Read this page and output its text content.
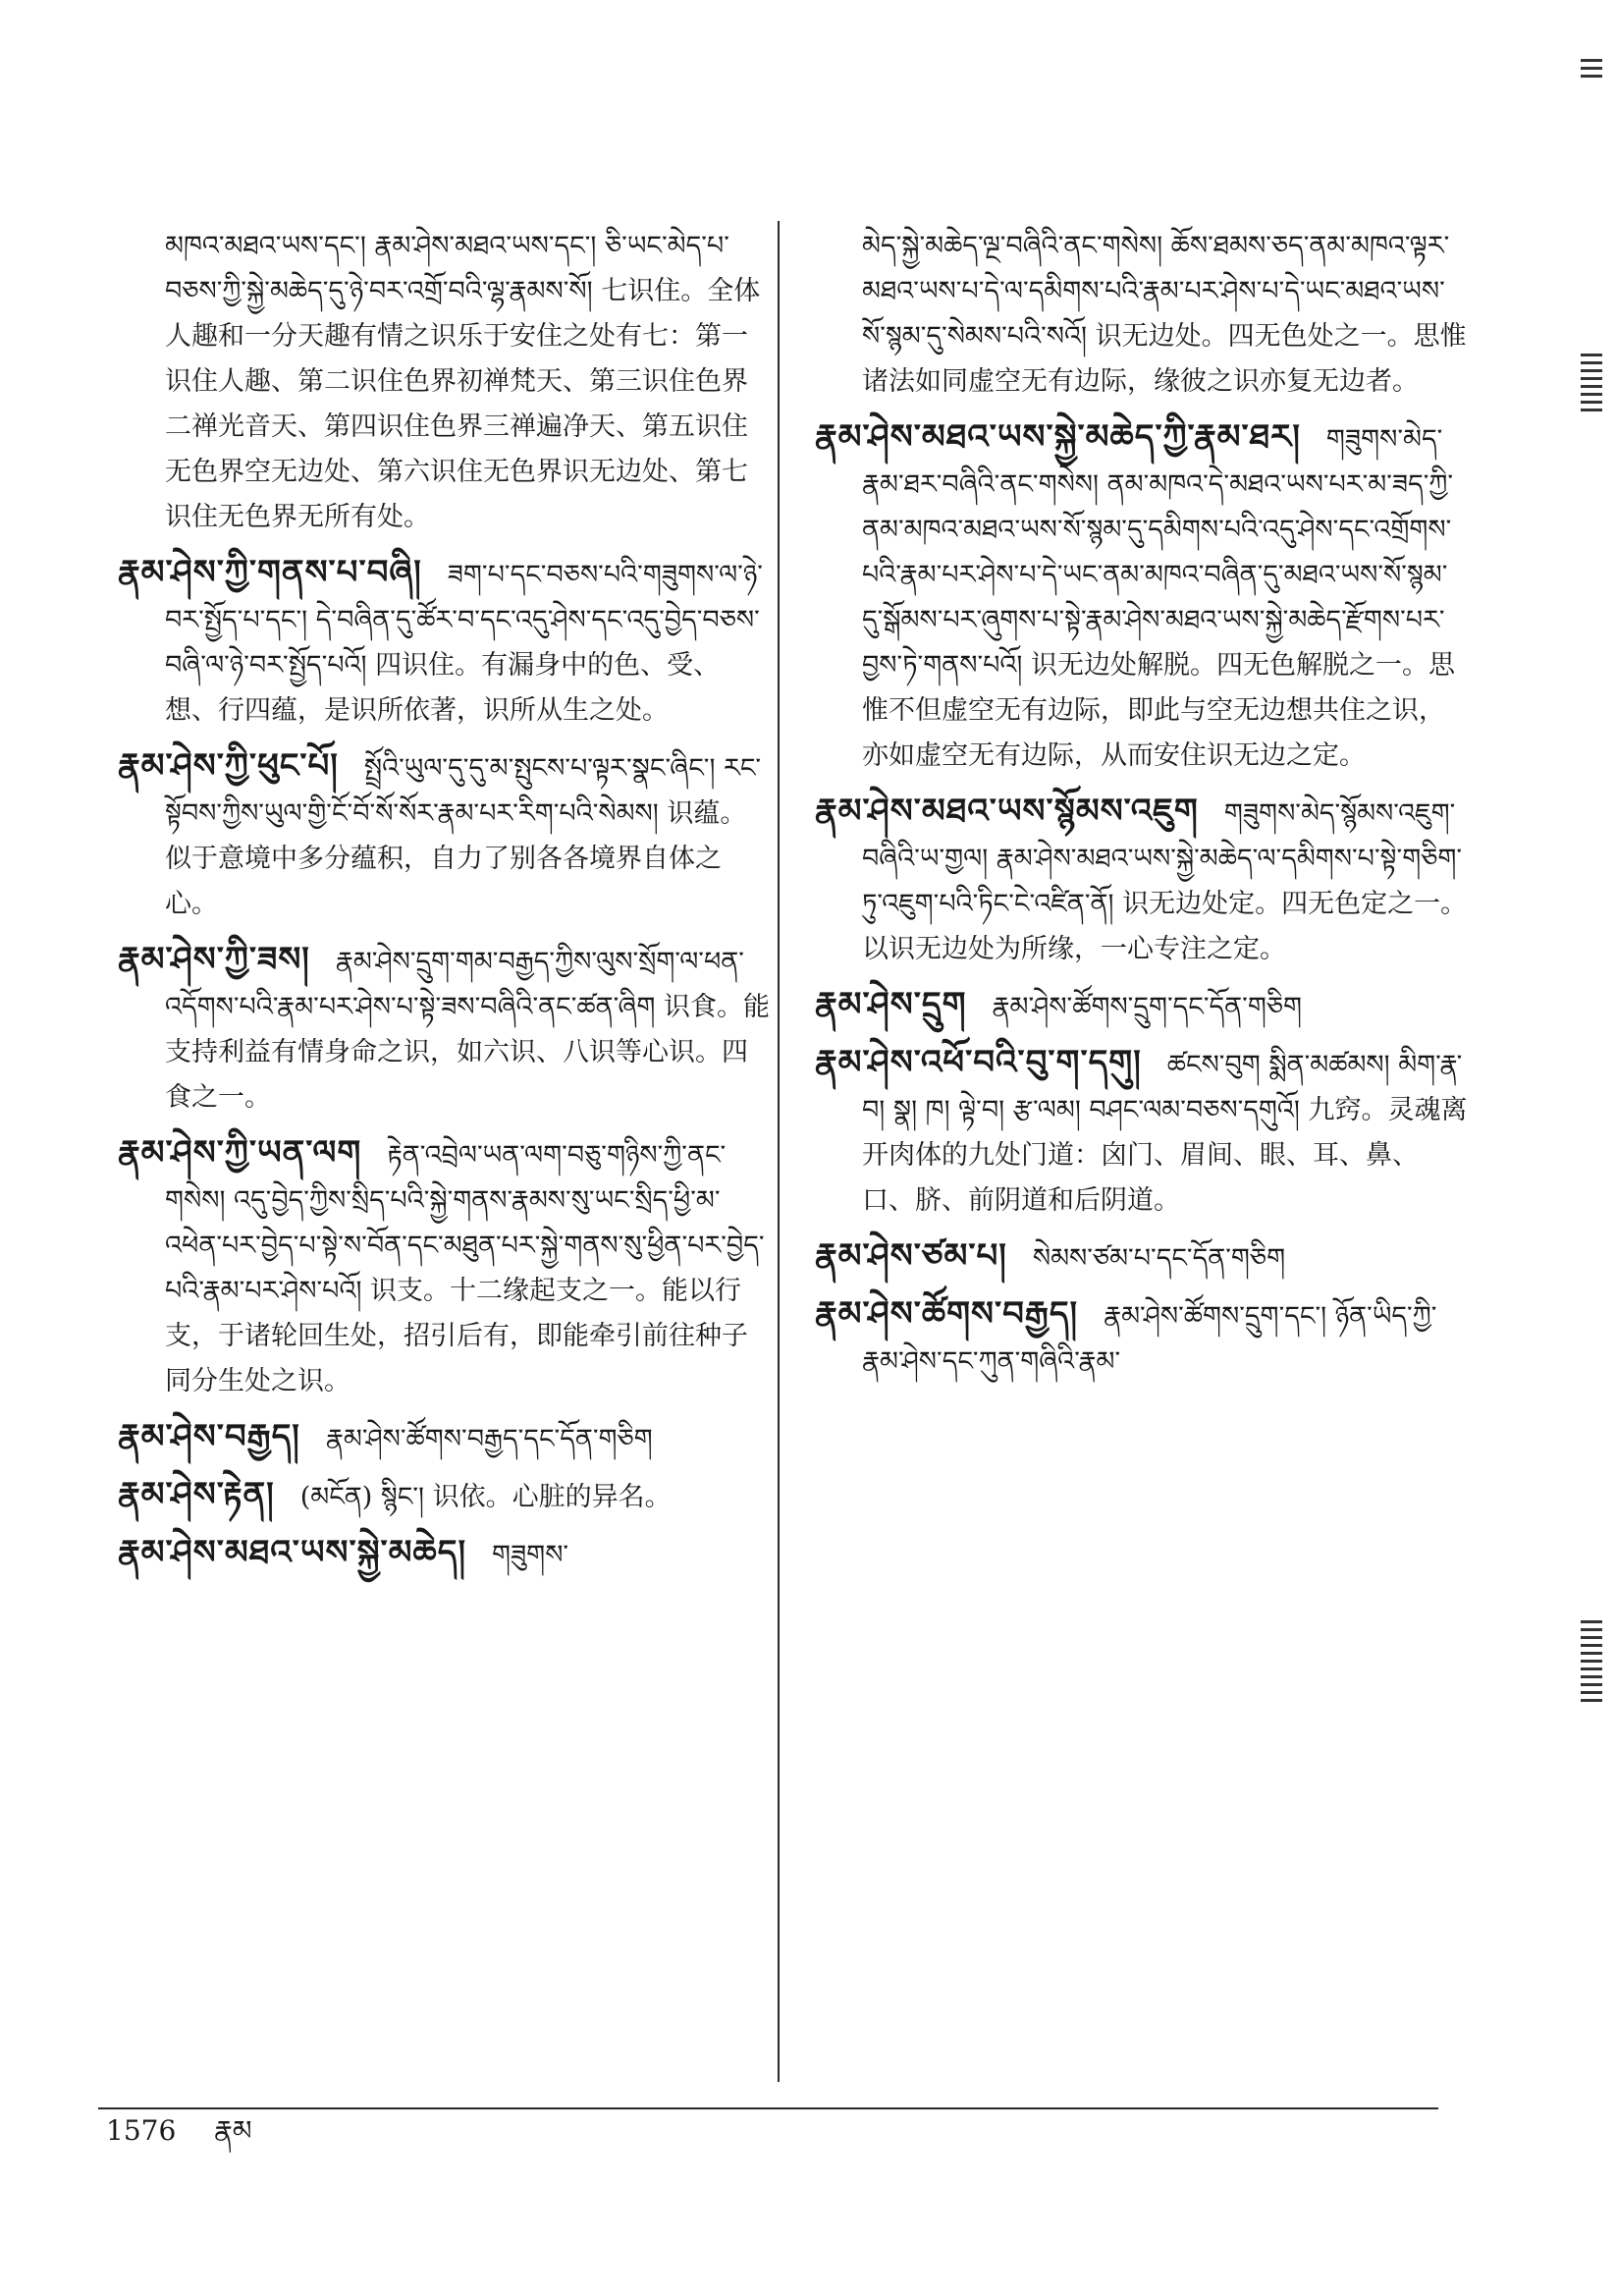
མཁའ་མཐའ་ཡས་དང་། རྣམ་ཤེས་མཐའ་ཡས་དང་། ཅི་ཡང་མེད་པ་བཅས་ཀྱི་སྐྱེ་མཆེད་དུ་ཉེ་བར་འགྲོ་བའི་ལྷ་རྣམས་སོ། 七识住。全体人趣和一分天趣有情之识乐于安住之处有七：第一识住人趣、第二识住色界初禅梵天、第三识住色界二禅光音天、第四识住色界三禅遍净天、第五识住无色界空无边处、第六识住无色界识无边处、第七识住无色界无所有处。

རྣམ་ཤེས་ཀྱི་གནས་པ་བཞི། ཟག་པ་དང་བཅས་པའི་གཟུགས་ལ་ཉེ་བར་སྤྱོད་པ་དང་། དེ་བཞིན་དུ་ཚོར་བ་དང་འདུ་ཤེས་དང་འདུ་བྱེད་བཅས་བཞི་ལ་ཉེ་བར་སྤྱོད་པའོ། 四识住。有漏身中的色、受、想、行四蕴，是识所依著，识所从生之处。

རྣམ་ཤེས་ཀྱི་ཕུང་པོ། སྤྲོའི་ཡུལ་དུ་དུ་མ་སྤུངས་པ་ལྟར་སྣང་ཞིང་། རང་སྟོབས་ཀྱིས་ཡུལ་གྱི་ངོ་བོ་སོ་སོར་རྣམ་པར་རིག་པའི་སེམས། 识蕴。似于意境中多分蕴积，自力了别各各境界自体之心。

རྣམ་ཤེས་ཀྱི་ཟས། རྣམ་ཤེས་དྲུག་གམ་བརྒྱད་ཀྱིས་ལུས་སྲོག་ལ་ཕན་འདོགས་པའི་རྣམ་པར་ཤེས་པ་སྟེ་ཟས་བཞིའི་ནང་ཚན་ཞིག 识食。能支持利益有情身命之识，如六识、八识等心识。四食之一。

རྣམ་ཤེས་ཀྱི་ཡན་ལག རྟེན་འབྲེལ་ཡན་ལག་བཅུ་གཉིས་ཀྱི་ནང་གསེས། འདུ་བྱེད་ཀྱིས་སྲིད་པའི་སྐྱེ་གནས་རྣམས་སུ་ཡང་སྲིད་ཕྱི་མ་འཕེན་པར་བྱེད་པ་སྟེ་ས་བོན་དང་མཐུན་པར་སྐྱེ་གནས་སུ་ཕྱིན་པར་བྱེད་པའི་རྣམ་པར་ཤེས་པའོ། 识支。十二缘起支之一。能以行支，于诸轮回生处，招引后有，即能牵引前往种子同分生处之识。

རྣམ་ཤེས་བརྒྱད། རྣམ་ཤེས་ཚོགས་བརྒྱད་དང་དོན་གཅིག

རྣམ་ཤེས་རྟེན། (མངོན) སྙིང་། 识依。心脏的异名。

རྣམ་ཤེས་མཐའ་ཡས་སྐྱེ་མཆེད། གཟུགས་

མེད་སྐྱེ་མཆེད་ལྔ་བཞིའི་ནང་གསེས། ཆོས་ཐམས་ཅད་ནམ་མཁའ་ལྟར་མཐའ་ཡས་པ་དེ་ལ་དམིགས་པའི་རྣམ་པར་ཤེས་པ་དེ་ཡང་མཐའ་ཡས་སོ་སྙམ་དུ་སེམས་པའི་སའོ། 识无边处。四无色处之一。思惟诸法如同虚空无有边际，缘彼之识亦复无边者。

རྣམ་ཤེས་མཐའ་ཡས་སྐྱེ་མཆེད་ཀྱི་རྣམ་ཐར། གཟུགས་མེད་རྣམ་ཐར་བཞིའི་ནང་གསེས། ནམ་མཁའ་དེ་མཐའ་ཡས་པར་མ་ཟད་ཀྱི་ནམ་མཁའ་མཐའ་ཡས་སོ་སྙམ་དུ་དམིགས་པའི་འདུ་ཤེས་དང་འགྲོགས་པའི་རྣམ་པར་ཤེས་པ་དེ་ཡང་ནམ་མཁའ་བཞིན་དུ་མཐའ་ཡས་སོ་སྙམ་དུ་སྒོམས་པར་ཞུགས་པ་སྟེ་རྣམ་ཤེས་མཐའ་ཡས་སྐྱེ་མཆེད་རྫོགས་པར་བྱས་ཏེ་གནས་པའོ། 识无边处解脱。四无色解脱之一。思惟不但虚空无有边际，即此与空无边想共住之识，亦如虚空无有边际，从而安住识无边之定。

རྣམ་ཤེས་མཐའ་ཡས་སྙོམས་འཇུག གཟུགས་མེད་སྙོམས་འཇུག་བཞིའི་ཡ་གྱལ། རྣམ་ཤེས་མཐའ་ཡས་སྐྱེ་མཆེད་ལ་དམིགས་པ་སྟེ་གཅིག་ཏུ་འཇུག་པའི་ཏིང་ངེ་འཛིན་ནོ། 识无边处定。四无色定之一。以识无边处为所缘，一心专注之定。

རྣམ་ཤེས་དྲུག རྣམ་ཤེས་ཚོགས་དྲུག་དང་དོན་གཅིག

རྣམ་ཤེས་འཕོ་བའི་བུ་ག་དགུ། ཚངས་བུག སྨིན་མཚམས། མིག་རྣ་བ། སྣ། ཁ། ལྟེ་བ། རྩ་ལམ། བཤང་ལམ་བཅས་དགུའོ། 九窍。灵魂离开肉体的九处门道：囟门、眉间、眼、耳、鼻、口、脐、前阴道和后阴道。

རྣམ་ཤེས་ཙམ་པ། སེམས་ཙམ་པ་དང་དོན་གཅིག

རྣམ་ཤེས་ཚོགས་བརྒྱད། རྣམ་ཤེས་ཚོགས་དྲུག་དང་། ཉོན་ཡིད་ཀྱི་རྣམ་ཤེས་དང་ཀུན་གཞིའི་རྣམ་

1576 རྣམ
